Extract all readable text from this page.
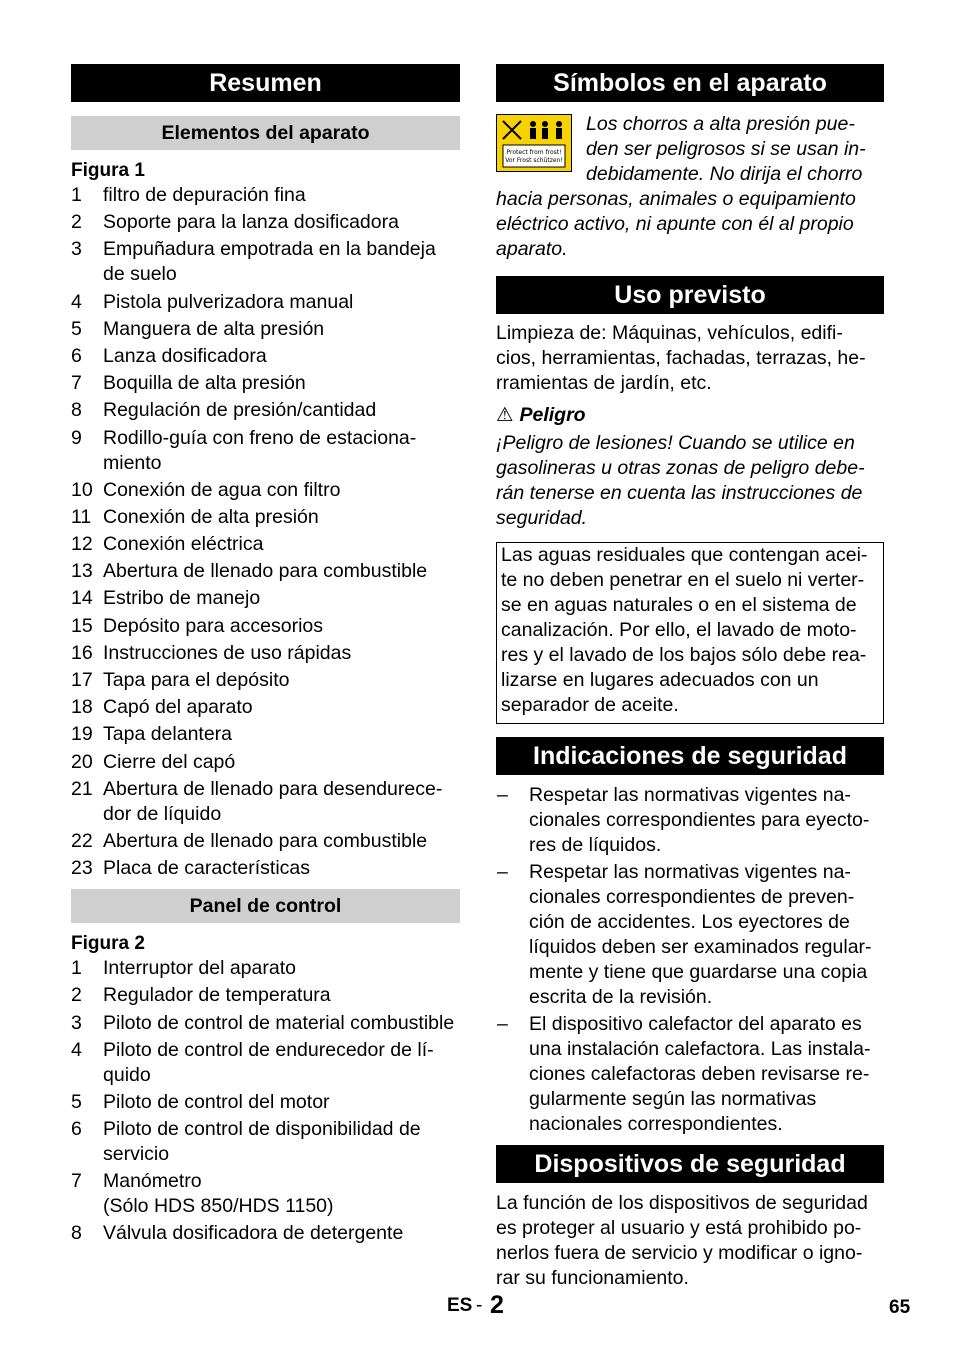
Resumen
Elementos del aparato
Figura 1
1	filtro de depuración fina
2	Soporte para la lanza dosificadora
3	Empuñadura empotrada en la bandeja
de suelo
4	Pistola pulverizadora manual
5	Manguera de alta presión
6	Lanza dosificadora
7	Boquilla de alta presión
8	Regulación de presión/cantidad
9	Rodillo-guía con freno de estaciona-
miento
10 Conexión de agua con filtro
11 Conexión de alta presión
12 Conexión eléctrica
13 Abertura de llenado para combustible
14 Estribo de manejo
15 Depósito para accesorios
16 Instrucciones de uso rápidas
17 Tapa para el depósito
18 Capó del aparato
19 Tapa delantera
20 Cierre del capó
21 Abertura de llenado para desendurece-
dor de líquido
22 Abertura de llenado para combustible
23 Placa de características
Panel de control
Figura 2
1	Interruptor del aparato
2	Regulador de temperatura
3	Piloto de control de material combustible
4	Piloto de control de endurecedor de lí-
quido
5	Piloto de control del motor
6	Piloto de control de disponibilidad de
servicio
7	Manómetro
(Sólo HDS 850/HDS 1150)
8	Válvula dosificadora de detergente
Símbolos en el aparato
Protect from frost!
Vor Frost schützen!
Los chorros a alta presión pue-
den ser peligrosos si se usan in-
debidamente. No dirija el chorro
hacia personas, animales o equipamiento
eléctrico activo, ni apunte con él al propio
aparato.
Uso previsto
Limpieza de: Máquinas, vehículos, edifi-
cios, herramientas, fachadas, terrazas, he-
rramientas de jardín, etc.
⚠ Peligro
¡Peligro de lesiones! Cuando se utilice en
gasolineras u otras zonas de peligro debe-
rán tenerse en cuenta las instrucciones de
seguridad.
Las aguas residuales que contengan acei-
te no deben penetrar en el suelo ni verter-
se en aguas naturales o en el sistema de
canalización. Por ello, el lavado de moto-
res y el lavado de los bajos sólo debe rea-
lizarse en lugares adecuados con un
separador de aceite.
Indicaciones de seguridad
–	Respetar las normativas vigentes na-
cionales correspondientes para eyecto-
res de líquidos.
–	Respetar las normativas vigentes na-
cionales correspondientes de preven-
ción de accidentes. Los eyectores de
líquidos deben ser examinados regular-
mente y tiene que guardarse una copia
escrita de la revisión.
–	El dispositivo calefactor del aparato es
una instalación calefactora. Las instala-
ciones calefactoras deben revisarse re-
gularmente según las normativas
nacionales correspondientes.
Dispositivos de seguridad
La función de los dispositivos de seguridad
es proteger al usuario y está prohibido po-
nerlos fuera de servicio y modificar o igno-
rar su funcionamiento.
ES - 2	65
